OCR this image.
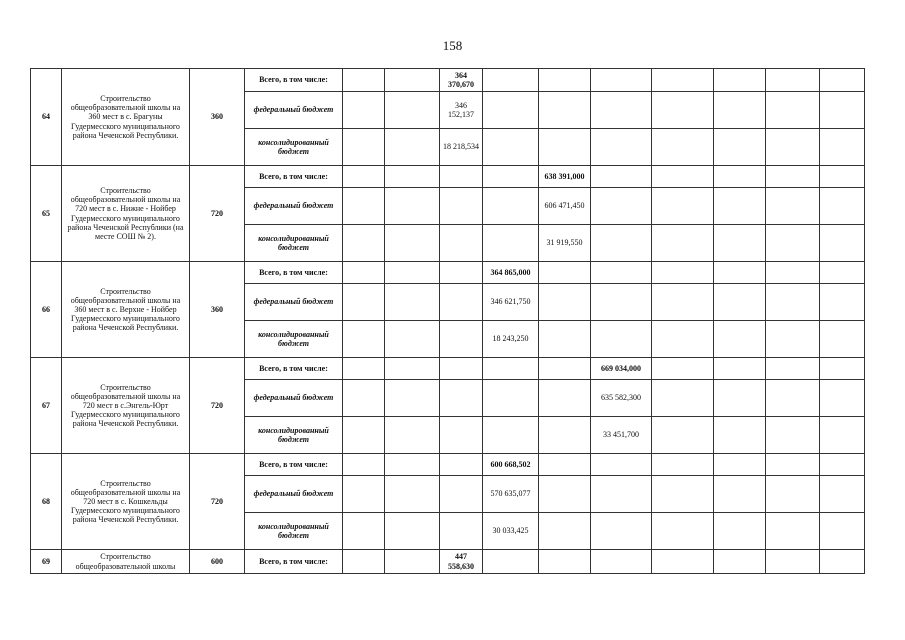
158
64	Строительство общеобразовательной школы на 360 мест в с. Брагуны Гудермесского муниципального района Чеченской Республики.	360	Всего, в том числе:			364 370,670							
			федеральный бюджет			346 152,137							
			консолидированный бюджет			18 218,534							
65	Строительство общеобразовательной школы на 720 мест в с. Нижне - Нойбер Гудермесского муниципального района Чеченской Республики (на месте СОШ № 2).	720	Всего, в том числе:					638 391,000					
			федеральный бюджет					606 471,450					
			консолидированный бюджет					31 919,550					
66	Строительство общеобразовательной школы на 360 мест в с. Верхне - Нойбер Гудермесского муниципального района Чеченской Республики.	360	Всего, в том числе:				364 865,000						
			федеральный бюджет				346 621,750						
			консолидированный бюджет				18 243,250						
67	Строительство общеобразовательной школы на 720 мест в с.Энгель-Юрт Гудермесского муниципального района Чеченской Республики.	720	Всего, в том числе:						669 034,000				
			федеральный бюджет						635 582,300				
			консолидированный бюджет						33 451,700				
68	Строительство общеобразовательной школы на 720 мест в с. Кошкельды Гудермесского муниципального района Чеченской Республики.	720	Всего, в том числе:				600 668,502						
			федеральный бюджет				570 635,077						
			консолидированный бюджет				30 033,425						
69	Строительство общеобразовательной школы	600	Всего, в том числе:			447 558,630							
